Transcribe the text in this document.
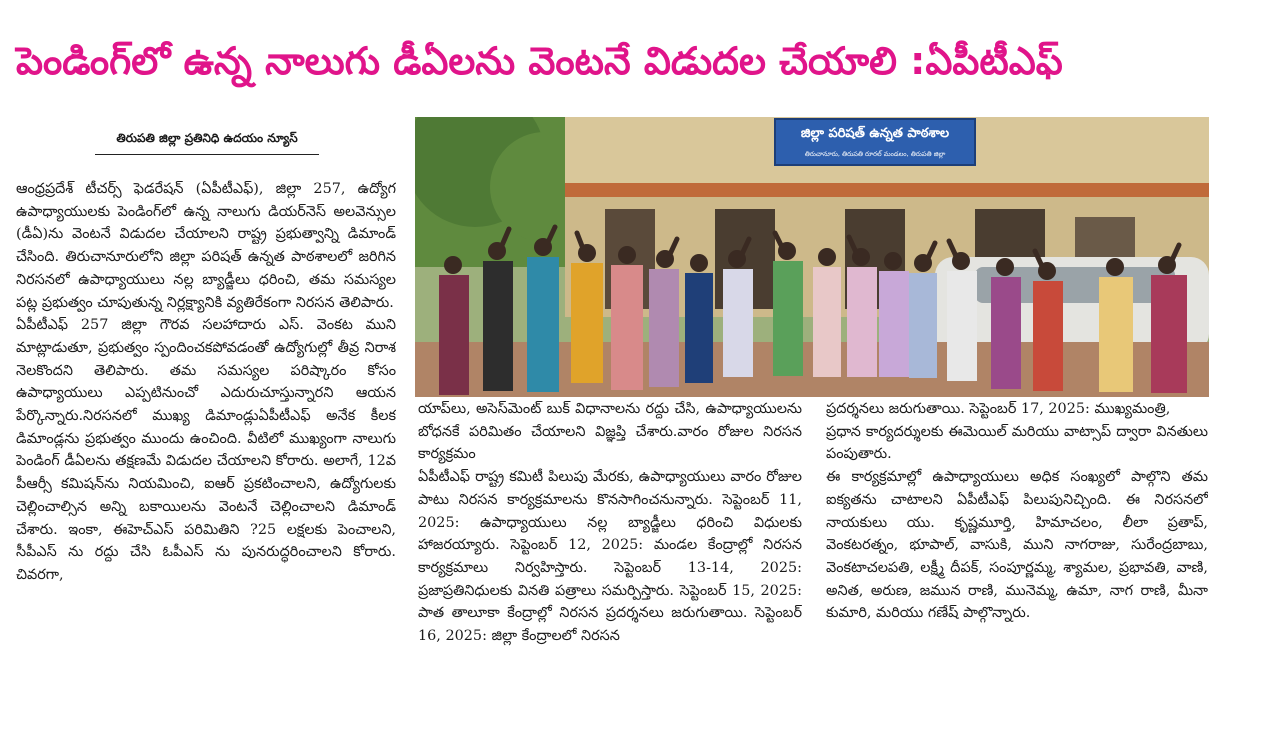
పెండింగ్‌లో ఉన్న నాలుగు డీఏలను వెంటనే విడుదల చేయాలి :ఏపీటీఎఫ్
తిరుపతి జిల్లా ప్రతినిధి ఉదయం న్యూస్

ఆంధ్రప్రదేశ్ టీచర్స్ ఫెడరేషన్ (ఏపీటీఎఫ్), జిల్లా 257, ఉద్యోగ ఉపాధ్యాయులకు పెండింగ్‌లో ఉన్న నాలుగు డియర్‌నెస్ అలవెన్సుల (డీఏ)ను వెంటనే విడుదల చేయాలని రాష్ట్ర ప్రభుత్వాన్ని డిమాండ్ చేసింది. తిరుచానూరులోని జిల్లా పరిషత్ ఉన్నత పాఠశాలలో జరిగిన నిరసనలో ఉపాధ్యాయులు నల్ల బ్యాడ్జీలు ధరించి, తమ సమస్యల పట్ల ప్రభుత్వం చూపుతున్న నిర్లక్ష్యానికి వ్యతిరేకంగా నిరసన తెలిపారు.

ఏపీటీఎఫ్ 257 జిల్లా గౌరవ సలహాదారు ఎస్. వెంకట ముని మాట్లాడుతూ, ప్రభుత్వం స్పందించకపోవడంతో ఉద్యోగుల్లో తీవ్ర నిరాశ నెలకొందని తెలిపారు. తమ సమస్యల పరిష్కారం కోసం ఉపాధ్యాయులు ఎప్పటినుంచో ఎదురుచూస్తున్నారని ఆయన పేర్కొన్నారు.నిరసనలో ముఖ్య డిమాండ్లుఏపీటీఎఫ్ అనేక కీలక డిమాండ్లను ప్రభుత్వం ముందు ఉంచింది. వీటిలో ముఖ్యంగా నాలుగు పెండింగ్ డీఏలను తక్షణమే విడుదల చేయాలని కోరారు. అలాగే, 12వ పీఆర్సీ కమిషన్‌ను నియమించి, ఐఆర్ ప్రకటించాలని, ఉద్యోగులకు చెల్లించాల్సిన అన్ని బకాయిలను వెంటనే చెల్లించాలని డిమాండ్ చేశారు. ఇంకా, ఈహెచ్‌ఎస్ పరిమితిని ?25 లక్షలకు పెంచాలని, సీపీఎస్ ను రద్దు చేసి ఓపీఎస్ ను పునరుద్ధరించాలని కోరారు. చివరగా,

జిల్లా పరిషత్ ఉన్నత పాఠశాల
తిరుచానూరు, తిరుపతి రూరల్ మండలం, తిరుపతి జిల్లా

యాప్‌లు, అసెస్‌మెంట్ బుక్ విధానాలను రద్దు చేసి, ఉపాధ్యాయులను బోధనకే పరిమితం చేయాలని విజ్ఞప్తి చేశారు.వారం రోజుల నిరసన కార్యక్రమం

ఏపీటీఎఫ్ రాష్ట్ర కమిటీ పిలుపు మేరకు, ఉపాధ్యాయులు వారం రోజుల పాటు నిరసన కార్యక్రమాలను కొనసాగించనున్నారు. సెప్టెంబర్ 11, 2025: ఉపాధ్యాయులు నల్ల బ్యాడ్జీలు ధరించి విధులకు హాజరయ్యారు. సెప్టెంబర్ 12, 2025: మండల కేంద్రాల్లో నిరసన కార్యక్రమాలు నిర్వహిస్తారు. సెప్టెంబర్ 13-14, 2025: ప్రజాప్రతినిధులకు వినతి పత్రాలు సమర్పిస్తారు. సెప్టెంబర్ 15, 2025: పాత తాలూకా కేంద్రాల్లో నిరసన ప్రదర్శనలు జరుగుతాయి. సెప్టెంబర్ 16, 2025: జిల్లా కేంద్రాలలో నిరసన

ప్రదర్శనలు జరుగుతాయి. సెప్టెంబర్ 17, 2025: ముఖ్యమంత్రి,

ప్రధాన కార్యదర్శులకు ఈమెయిల్ మరియు వాట్సాప్ ద్వారా వినతులు పంపుతారు.

ఈ కార్యక్రమాల్లో ఉపాధ్యాయులు అధిక సంఖ్యలో పాల్గొని తమ ఐక్యతను చాటాలని ఏపీటీఎఫ్ పిలుపునిచ్చింది. ఈ నిరసనలో నాయకులు యు. కృష్ణమూర్తి, హిమాచలం, లీలా ప్రతాప్, వెంకటరత్నం, భూపాల్, వాసుకి, ముని నాగరాజు, సురేంద్రబాబు, వెంకటాచలపతి, లక్ష్మీ దీపక్, సంపూర్ణమ్మ, శ్యామల, ప్రభావతి, వాణి, అనిత, అరుణ, జమున రాణి, మునెమ్మ, ఉమా, నాగ రాణి, మీనా కుమారి, మరియు గణేష్ పాల్గొన్నారు.
